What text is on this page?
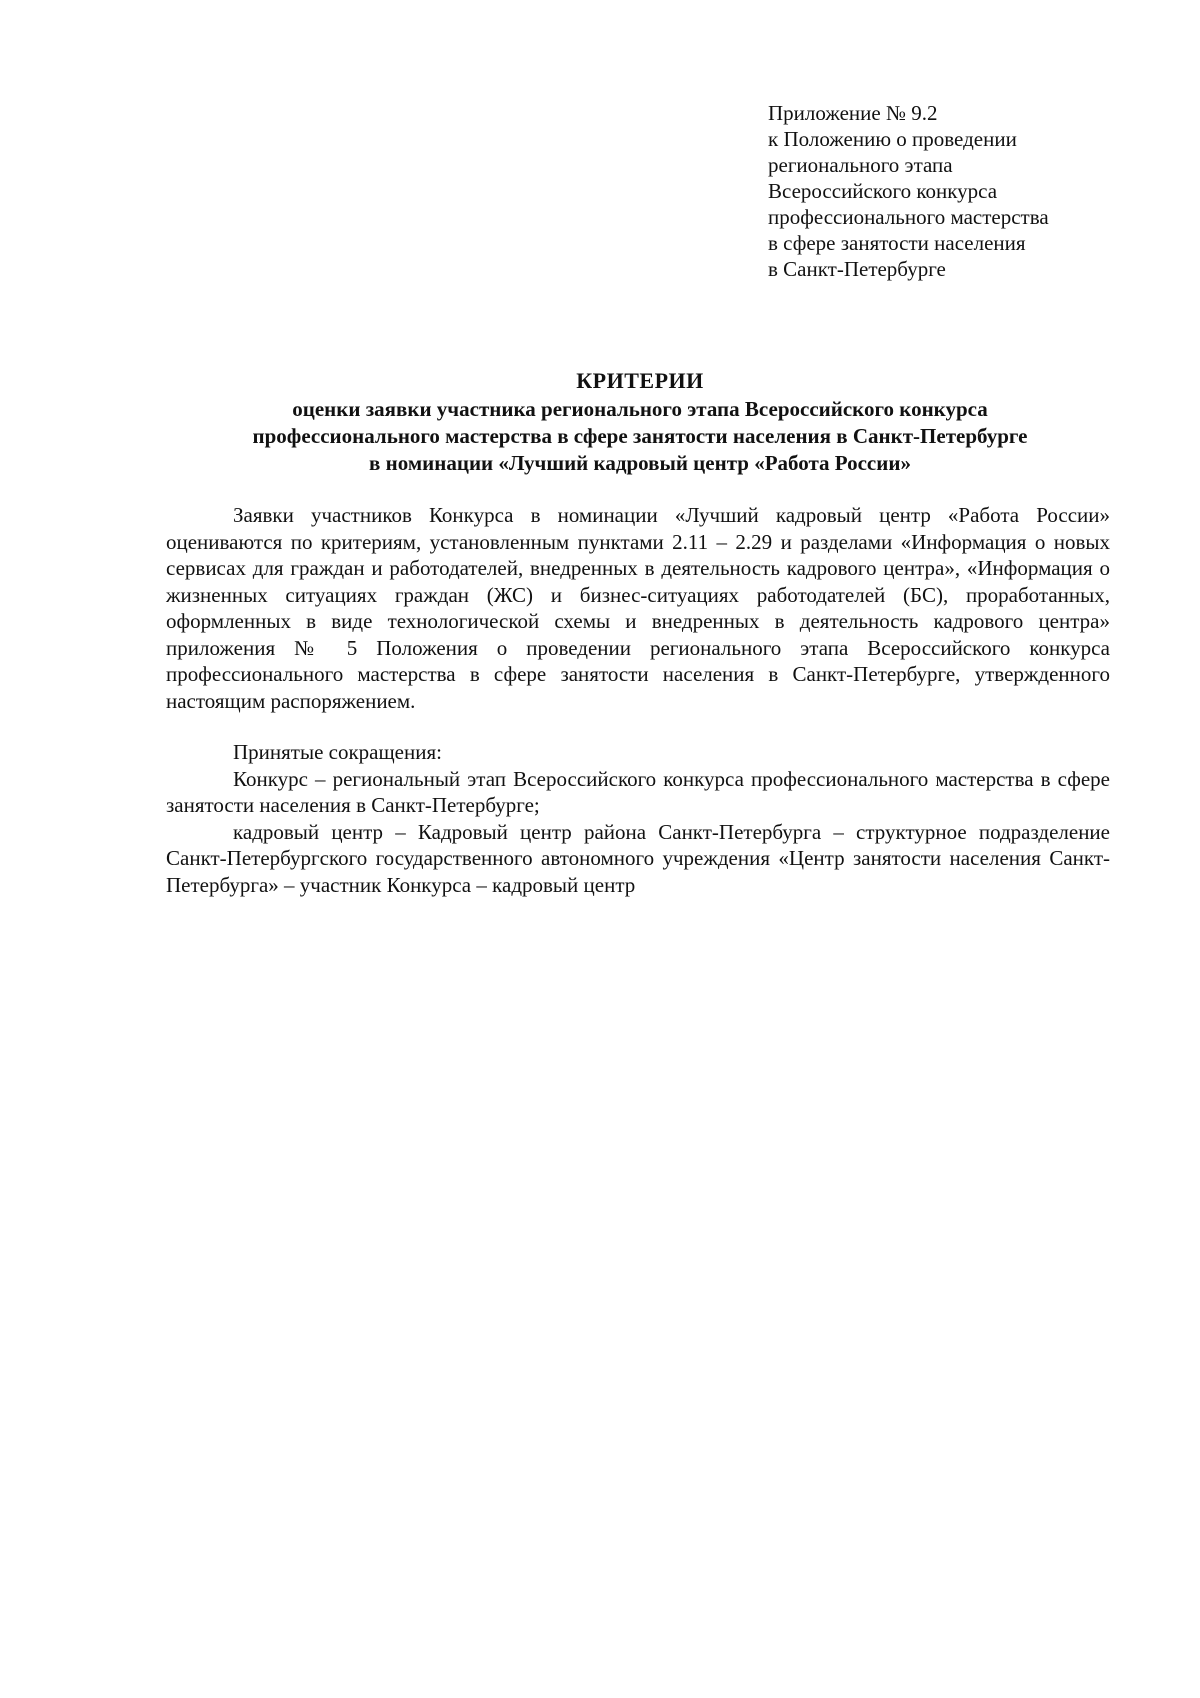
Приложение № 9.2
к Положению о проведении
регионального этапа
Всероссийского конкурса
профессионального мастерства
в сфере занятости населения
в Санкт-Петербурге
КРИТЕРИИ
оценки заявки участника регионального этапа Всероссийского конкурса
профессионального мастерства в сфере занятости населения в Санкт-Петербурге
в номинации «Лучший кадровый центр «Работа России»

Заявки участников Конкурса в номинации «Лучший кадровый центр «Работа России» оцениваются по критериям, установленным пунктами 2.11 – 2.29 и разделами «Информация о новых сервисах для граждан и работодателей, внедренных в деятельность кадрового центра», «Информация о жизненных ситуациях граждан (ЖС) и бизнес-ситуациях работодателей (БС), проработанных, оформленных в виде технологической схемы и внедренных в деятельность кадрового центра» приложения № 5 Положения о проведении регионального этапа Всероссийского конкурса профессионального мастерства в сфере занятости населения в Санкт-Петербурге, утвержденного настоящим распоряжением.

Принятые сокращения:

Конкурс – региональный этап Всероссийского конкурса профессионального мастерства в сфере занятости населения в Санкт-Петербурге;

кадровый центр – Кадровый центр района Санкт-Петербурга – структурное подразделение Санкт-Петербургского государственного автономного учреждения «Центр занятости населения Санкт-Петербурга» – участник Конкурса – кадровый центр
